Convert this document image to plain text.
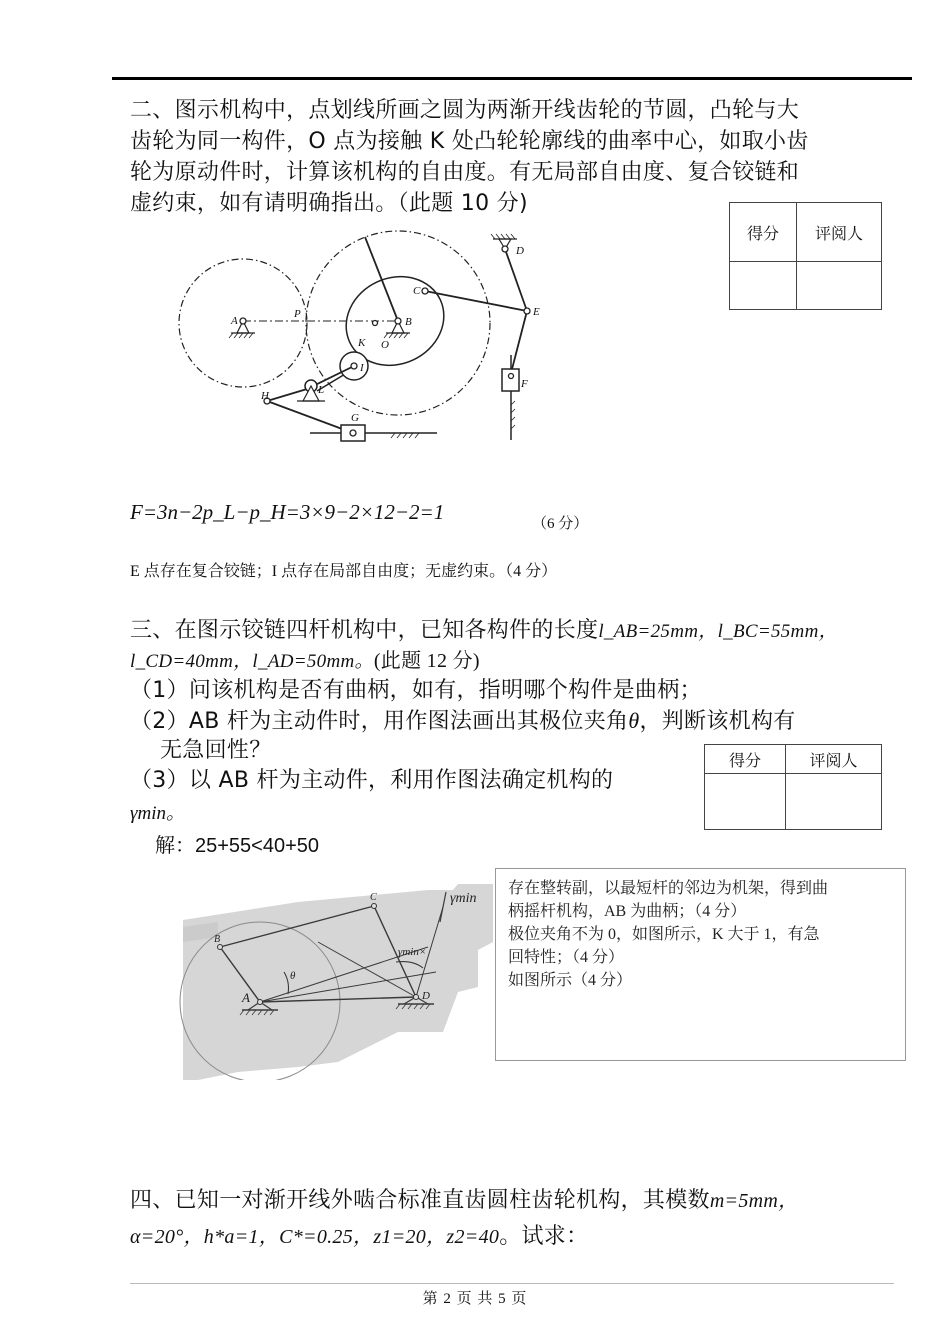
二、图示机构中，点划线所画之圆为两渐开线齿轮的节圆，凸轮与大
齿轮为同一构件，O 点为接触 K 处凸轮轮廓线的曲率中心，如取小齿
轮为原动件时，计算该机构的自由度。有无局部自由度、复合铰链和
虚约束，如有请明确指出。（此题 10 分)
得分	评阅人

A
P
B
C
D
E
F
G
H
I
K
L
O
F=3n−2p_L−p_H=3×9−2×12−2=1	（6 分）
E 点存在复合铰链；I 点存在局部自由度；无虚约束。（4 分）
三、在图示铰链四杆机构中，已知各构件的长度l_AB=25mm，l_BC=55mm，
l_CD=40mm，l_AD=50mm。(此题 12 分)
（1）问该机构是否有曲柄，如有，指明哪个构件是曲柄；
（2）AB 杆为主动件时，用作图法画出其极位夹角θ，判断该机构有
无急回性？
（3）以 AB 杆为主动件，利用作图法确定机构的
γmin。
得分	评阅人

解：25+55<40+50
A
B
C
D
θ
γmin
γmin×
存在整转副，以最短杆的邻边为机架，得到曲
柄摇杆机构，AB 为曲柄；（4 分）
极位夹角不为 0，如图所示，K 大于 1，有急
回特性；（4 分）
如图所示（4 分）
四、已知一对渐开线外啮合标准直齿圆柱齿轮机构，其模数m=5mm，
α=20°，h*a=1，C*=0.25，z1=20，z2=40。试求：
第 2 页 共 5 页
